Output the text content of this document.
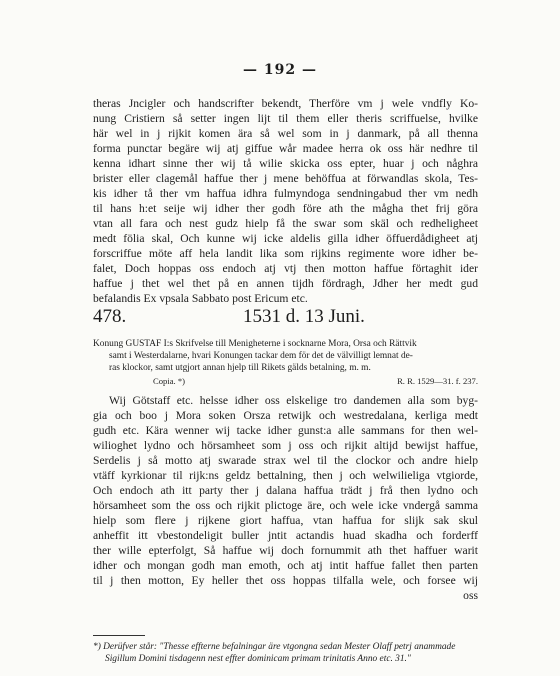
— 192 —
theras Jncigler och handscrifter bekendt, Therföre vm j wele vndfly Ko-
nung Cristiern så setter ingen lijt til them eller theris scriffuelse, hvilke
här wel in j rijkit komen ära så wel som in j danmark, på all thenna
forma punctar begäre wij atj giffue wår madee herra ok oss här nedhre til
kenna idhart sinne ther wij tå wilie skicka oss epter, huar j och någhra
brister eller clagemål haffue ther j mene behöffua at förwandlas skola, Tes-
kis idher tå ther vm haffua idhra fulmyndoga sendningabud ther vm nedh
til hans h:et seije wij idher ther godh före ath the mågha thet frij göra
vtan all fara och nest gudz hielp få the swar som skäl och redheligheet
medt fölia skal, Och kunne wij icke aldelis gilla idher öffuerdådigheet atj
forscriffue möte aff hela landit lika som rijkins regimente wore idher be-
falet, Doch hoppas oss endoch atj vtj then motton haffue förtaghit ider
haffue j thet wel thet på en annen tijdh fördragh, Jdher her medt gud
befalandis Ex vpsala Sabbato post Ericum etc.
478.	1531 d. 13 Juni.
Konung GUSTAF I:s Skrifvelse till Menigheterne i socknarne Mora, Orsa och Rättvik
samt i Westerdalarne, hvari Konungen tackar dem för det de välvilligt lemnat de-
ras klockor, samt utgjort annan hjelp till Rikets gälds betalning, m. m.
Copia. *)	R. R. 1529—31. f. 237.
Wij Götstaff etc. helsse idher oss elskelige tro dandemen alla som byg-
gia och boo j Mora soken Orsza retwijk och westredalana, kerliga medt
gudh etc. Kära wenner wij tacke idher gunst:a alle sammans for then wel-
wilioghet lydno och hörsamheet som j oss och rijkit altijd bewijst haffue,
Serdelis j så motto atj swarade strax wel til the clockor och andre hielp
vtäff kyrkionar til rijk:ns geldz bettalning, then j och welwilieliga vtgiorde,
Och endoch ath itt party ther j dalana haffua trädt j frå then lydno och
hörsamheet som the oss och rijkit plictoge äre, och wele icke vndergå samma
hielp som flere j rijkene giort haffua, vtan haffua for slijk sak skul
anheffit itt vbestondeligit buller jntit actandis huad skadha och forderff
ther wille epterfolgt, Så haffue wij doch fornummit ath thet haffuer warit
idher och mongan godh man emoth, och atj intit haffue fallet then parten
til j then motton, Ey heller thet oss hoppas tilfalla wele, och forsee wij
oss
*) Derüfver står: "Thesse effterne befalningar äre vtgongna sedan Mester Olaff petrj anammade
Sigillum Domini tisdagenn nest effter dominicam primam trinitatis Anno etc. 31."
